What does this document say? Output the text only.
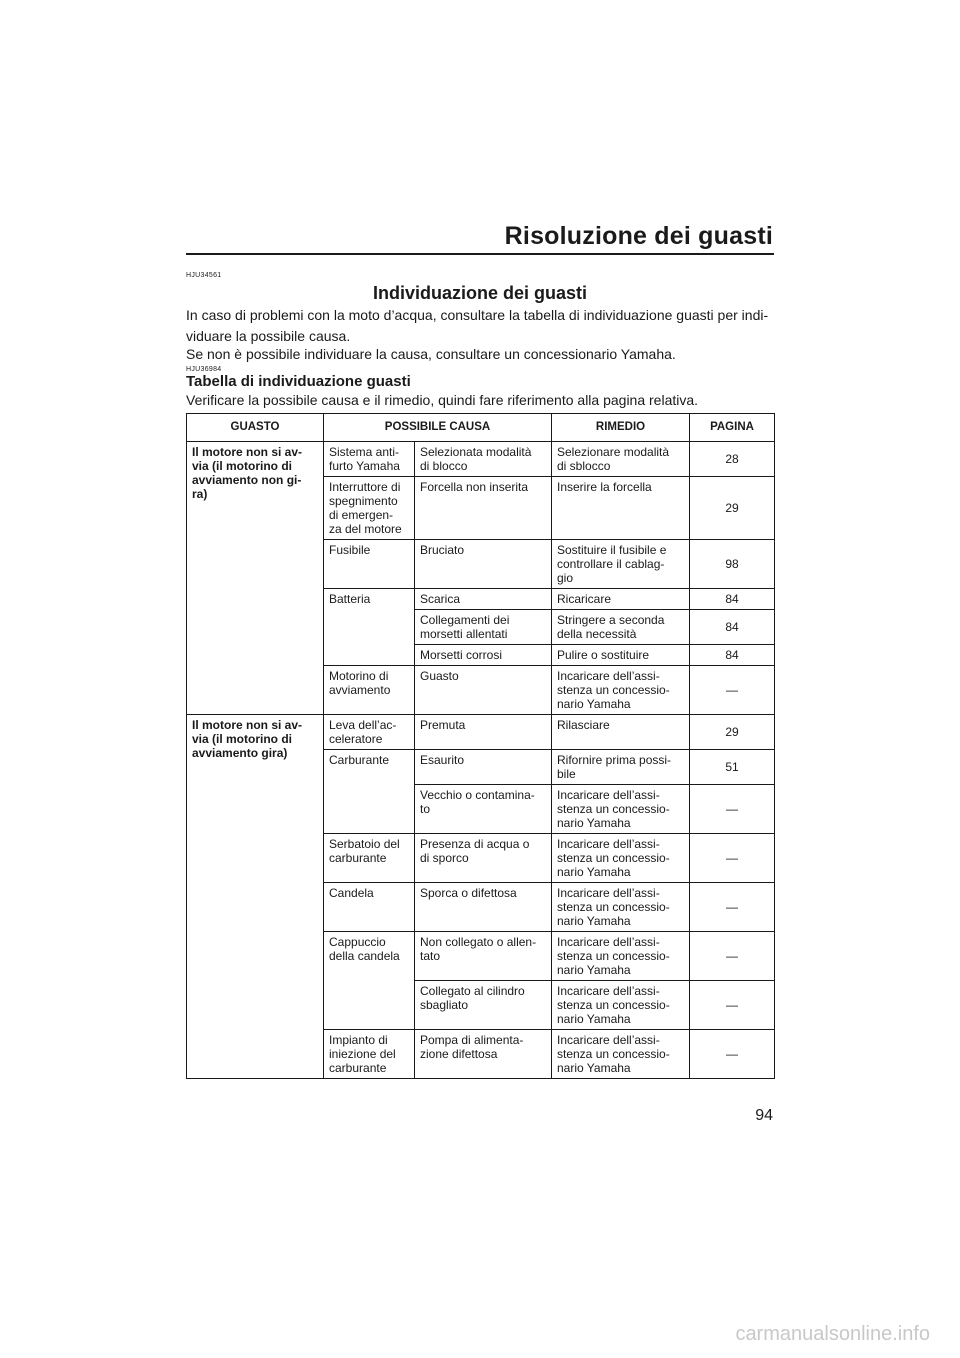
Risoluzione dei guasti
HJU34561
Individuazione dei guasti
In caso di problemi con la moto d’acqua, consultare la tabella di individuazione guasti per indi-viduare la possibile causa.
Se non è possibile individuare la causa, consultare un concessionario Yamaha.
HJU36984
Tabella di individuazione guasti
Verificare la possibile causa e il rimedio, quindi fare riferimento alla pagina relativa.
GUASTO	POSSIBILE CAUSA		RIMEDIO	PAGINA

Il motore non si av-
via (il motorino di
avviamento non gi-
ra)	Sistema anti-
furto Yamaha	Selezionata modalità
di blocco	Selezionare modalità
di sblocco	28

	Interruttore di
spegnimento
di emergen-
za del motore	Forcella non inserita	Inserire la forcella	29

	Fusibile	Bruciato	Sostituire il fusibile e
controllare il cablag-
gio	98

	Batteria	Scarica	Ricaricare	84

		Collegamenti dei
morsetti allentati	Stringere a seconda
della necessità	84

		Morsetti corrosi	Pulire o sostituire	84

	Motorino di
avviamento	Guasto	Incaricare dell’assi-
stenza un concessio-
nario Yamaha	—

Il motore non si av-
via (il motorino di
avviamento gira)	Leva dell’ac-
celeratore	Premuta	Rilasciare	29

	Carburante	Esaurito	Rifornire prima possi-
bile	51

		Vecchio o contamina-
to	Incaricare dell’assi-
stenza un concessio-
nario Yamaha	—

	Serbatoio del
carburante	Presenza di acqua o
di sporco	Incaricare dell’assi-
stenza un concessio-
nario Yamaha	—

	Candela	Sporca o difettosa	Incaricare dell’assi-
stenza un concessio-
nario Yamaha	—

	Cappuccio
della candela	Non collegato o allen-
tato	Incaricare dell’assi-
stenza un concessio-
nario Yamaha	—

		Collegato al cilindro
sbagliato	Incaricare dell’assi-
stenza un concessio-
nario Yamaha	—

	Impianto di
iniezione del
carburante	Pompa di alimenta-
zione difettosa	Incaricare dell’assi-
stenza un concessio-
nario Yamaha	—
94
carmanualsonline.info
